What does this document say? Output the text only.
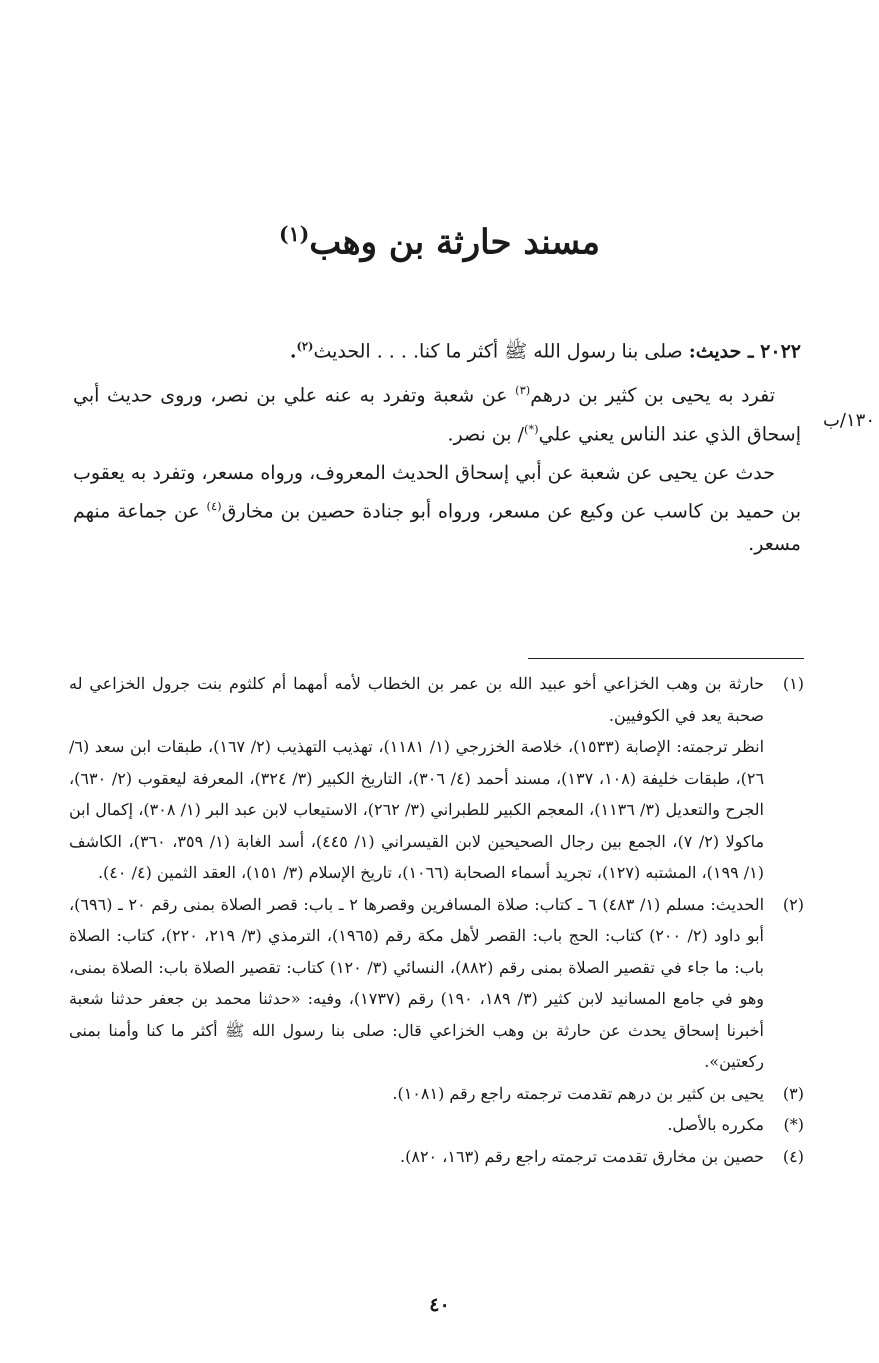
مسند حارثة بن وهب$^{(١)}$

٢٠٢٢ ـ حديث: صلى بنا رسول الله ﷺ أكثر ما كنا. . . . الحديث$^{(٢)}$.

تفرد به يحيى بن كثير بن درهم$^{(٣)}$ عن شعبة وتفرد به عنه علي بن نصر، وروى حديث أبي إسحاق الذي عند الناس يعني علي(*)/ بن نصر.

حدث عن يحيى عن شعبة عن أبي إسحاق الحديث المعروف، ورواه مسعر، وتفرد به يعقوب بن حميد بن كاسب عن وكيع عن مسعر، ورواه أبو جنادة حصين بن مخارق$^{(٤)}$ عن جماعة منهم مسعر.

١٣٠/ب
(١)

حارثة بن وهب الخزاعي أخو عبيد الله بن عمر بن الخطاب لأمه أمهما أم كلثوم بنت جرول الخزاعي له صحبة يعد في الكوفيين.

انظر ترجمته: الإصابة (١٥٣٣)، خلاصة الخزرجي (١/ ١١٨١)، تهذيب التهذيب (٢/ ١٦٧)، طبقات ابن سعد (٦/ ٢٦)، طبقات خليفة (١٠٨، ١٣٧)، مسند أحمد (٤/ ٣٠٦)، التاريخ الكبير (٣/ ٣٢٤)، المعرفة ليعقوب (٢/ ٦٣٠)، الجرح والتعديل (٣/ ١١٣٦)، المعجم الكبير للطبراني (٣/ ٢٦٢)، الاستيعاب لابن عبد البر (١/ ٣٠٨)، إكمال ابن ماكولا (٢/ ٧)، الجمع بين رجال الصحيحين لابن القيسراني (١/ ٤٤٥)، أسد الغابة (١/ ٣٥٩، ٣٦٠)، الكاشف (١/ ١٩٩)، المشتبه (١٢٧)، تجريد أسماء الصحابة (١٠٦٦)، تاريخ الإسلام (٣/ ١٥١)، العقد الثمين (٤/ ٤٠).

(٢)

الحديث: مسلم (١/ ٤٨٣) ٦ ـ كتاب: صلاة المسافرين وقصرها ٢ ـ باب: قصر الصلاة بمنى رقم ٢٠ ـ (٦٩٦)، أبو داود (٢/ ٢٠٠) كتاب: الحج باب: القصر لأهل مكة رقم (١٩٦٥)، الترمذي (٣/ ٢١٩، ٢٢٠)، كتاب: الصلاة باب: ما جاء في تقصير الصلاة بمنى رقم (٨٨٢)، النسائي (٣/ ١٢٠) كتاب: تقصير الصلاة باب: الصلاة بمنى، وهو في جامع المسانيد لابن كثير (٣/ ١٨٩، ١٩٠) رقم (١٧٣٧)، وفيه: «حدثنا محمد بن جعفر حدثنا شعبة أخبرنا إسحاق يحدث عن حارثة بن وهب الخزاعي قال: صلى بنا رسول الله ﷺ أكثر ما كنا وأمنا بمنى ركعتين».

(٣)

يحيى بن كثير بن درهم تقدمت ترجمته راجع رقم (١٠٨١).

(*)

مكرره بالأصل.

(٤)

حصين بن مخارق تقدمت ترجمته راجع رقم (١٦٣، ٨٢٠).

٤٠
